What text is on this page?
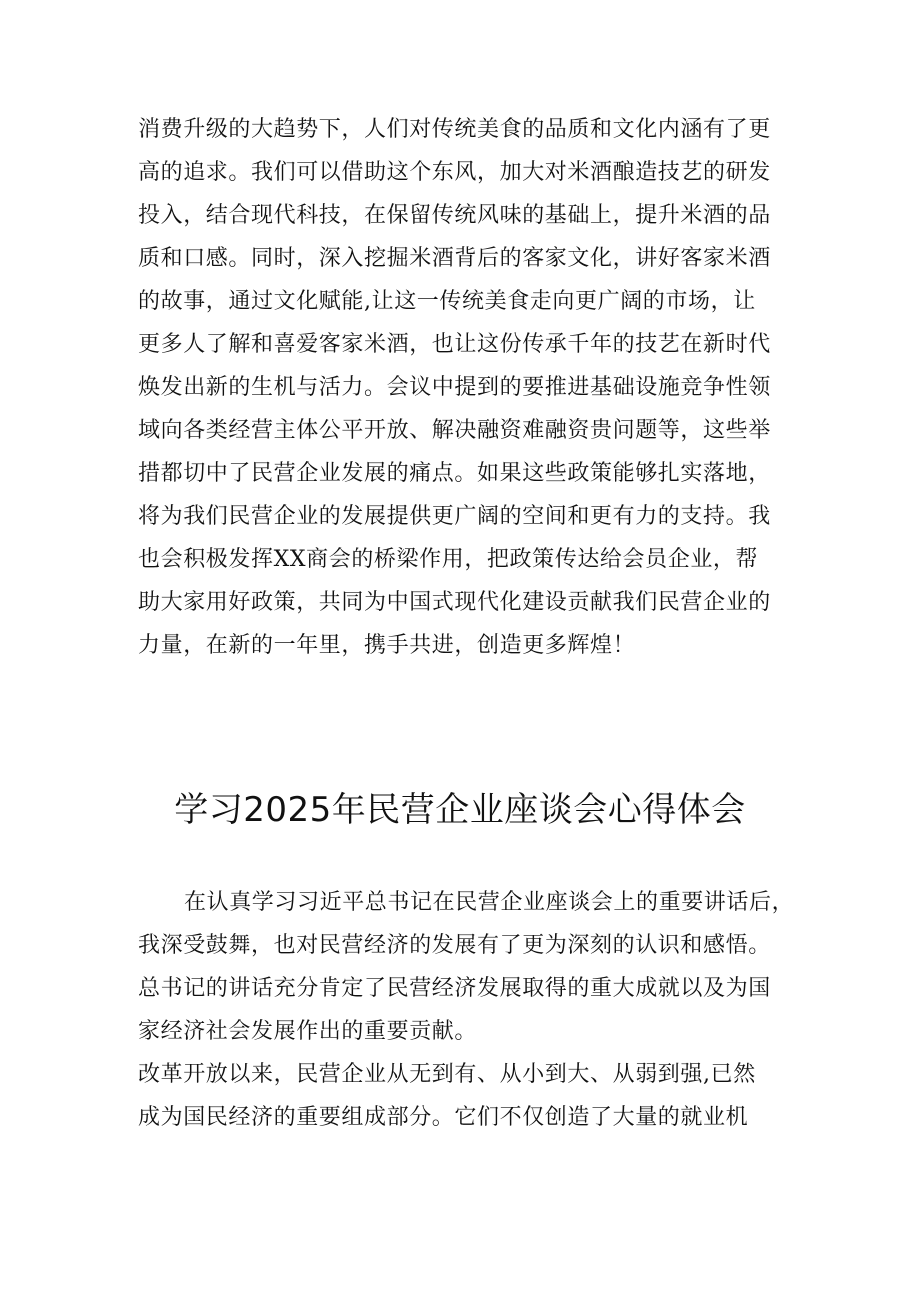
消费升级的大趋势下，人们对传统美食的品质和文化内涵有了更
高的追求。我们可以借助这个东风，加大对米酒酿造技艺的研发
投入，结合现代科技，在保留传统风味的基础上，提升米酒的品
质和口感。同时，深入挖掘米酒背后的客家文化，讲好客家米酒
的故事，通过文化赋能,让这一传统美食走向更广阔的市场，让
更多人了解和喜爱客家米酒，也让这份传承千年的技艺在新时代
焕发出新的生机与活力。会议中提到的要推进基础设施竞争性领
域向各类经营主体公平开放、解决融资难融资贵问题等，这些举
措都切中了民营企业发展的痛点。如果这些政策能够扎实落地，
将为我们民营企业的发展提供更广阔的空间和更有力的支持。我
也会积极发挥XX商会的桥梁作用，把政策传达给会员企业，帮
助大家用好政策，共同为中国式现代化建设贡献我们民营企业的
力量，在新的一年里，携手共进，创造更多辉煌！
学习2025年民营企业座谈会心得体会
在认真学习习近平总书记在民营企业座谈会上的重要讲话后，
我深受鼓舞，也对民营经济的发展有了更为深刻的认识和感悟。
总书记的讲话充分肯定了民营经济发展取得的重大成就以及为国
家经济社会发展作出的重要贡献。
改革开放以来，民营企业从无到有、从小到大、从弱到强,已然
成为国民经济的重要组成部分。它们不仅创造了大量的就业机
